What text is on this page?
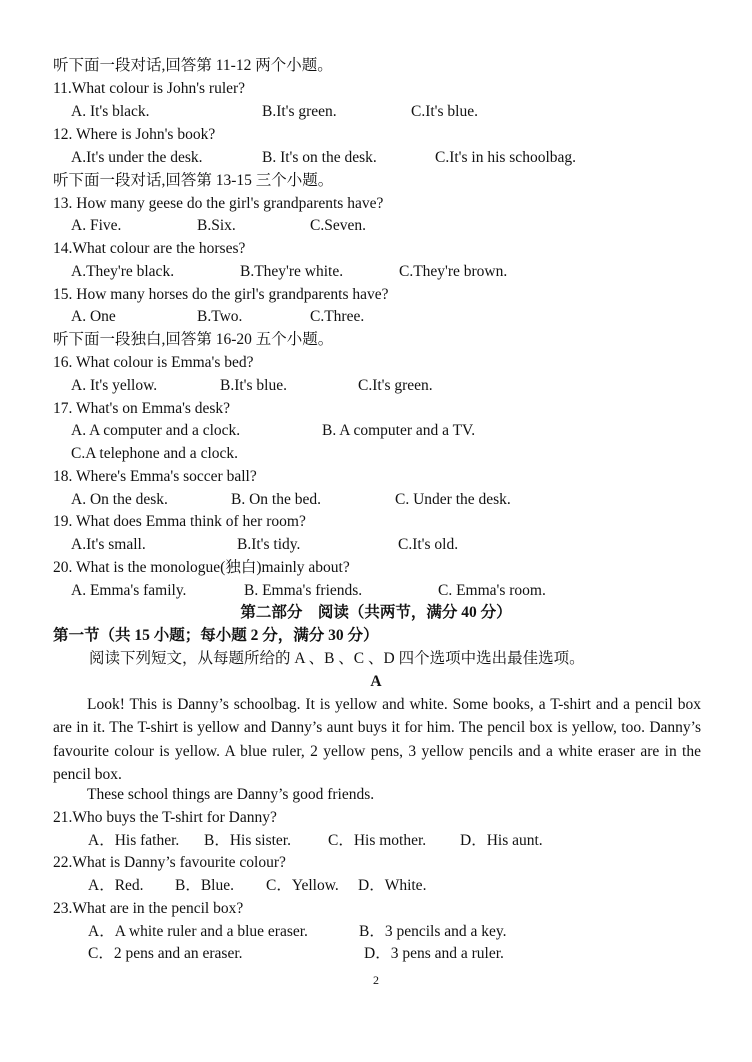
听下面一段对话,回答第 11-12 两个小题。
11.What colour is John's ruler?
A. It's black.	B.It's green.	C.It's blue.
12. Where is John's book?
A.It's under the desk.	B. It's on the desk.	C.It's in his schoolbag.
听下面一段对话,回答第 13-15 三个小题。
13. How many geese do the girl's grandparents have?
A. Five.	B.Six.	C.Seven.
14.What colour are the horses?
A.They're black.	B.They're white.	C.They're brown.
15. How many horses do the girl's grandparents have?
A. One	B.Two.	C.Three.
听下面一段独白,回答第 16-20 五个小题。
16. What colour is Emma's bed?
A. It's yellow.	B.It's blue.	C.It's green.
17. What's on Emma's desk?
A. A computer and a clock.	B. A computer and a TV.
C.A telephone and a clock.
18. Where's Emma's soccer ball?
A. On the desk.	B. On the bed.	C. Under the desk.
19. What does Emma think of her room?
A.It's small.	B.It's tidy.	C.It's old.
20. What is the monologue(独白)mainly about?
A. Emma's family.	B. Emma's friends.	C. Emma's room.
第二部分　阅读（共两节，满分 40 分）
第一节（共 15 小题；每小题 2 分，满分 30 分）
阅读下列短文，从每题所给的 A 、B 、C 、D 四个选项中选出最佳选项。
A
Look! This is Danny’s schoolbag. It is yellow and white. Some books, a T-shirt and a pencil box are in it. The T-shirt is yellow and Danny’s aunt buys it for him. The pencil box is yellow, too. Danny’s favourite colour is yellow. A blue ruler, 2 yellow pens, 3 yellow pencils and a white eraser are in the pencil box.
These school things are Danny’s good friends.
21.Who buys the T-shirt for Danny?
A．His father. B．His sister. C．His mother. D．His aunt.
22.What is Danny’s favourite colour?
A．Red. B．Blue. C．Yellow. D．White.
23.What are in the pencil box?
A．A white ruler and a blue eraser.	B．3 pencils and a key.
C．2 pens and an eraser.	D．3 pens and a ruler.
2
